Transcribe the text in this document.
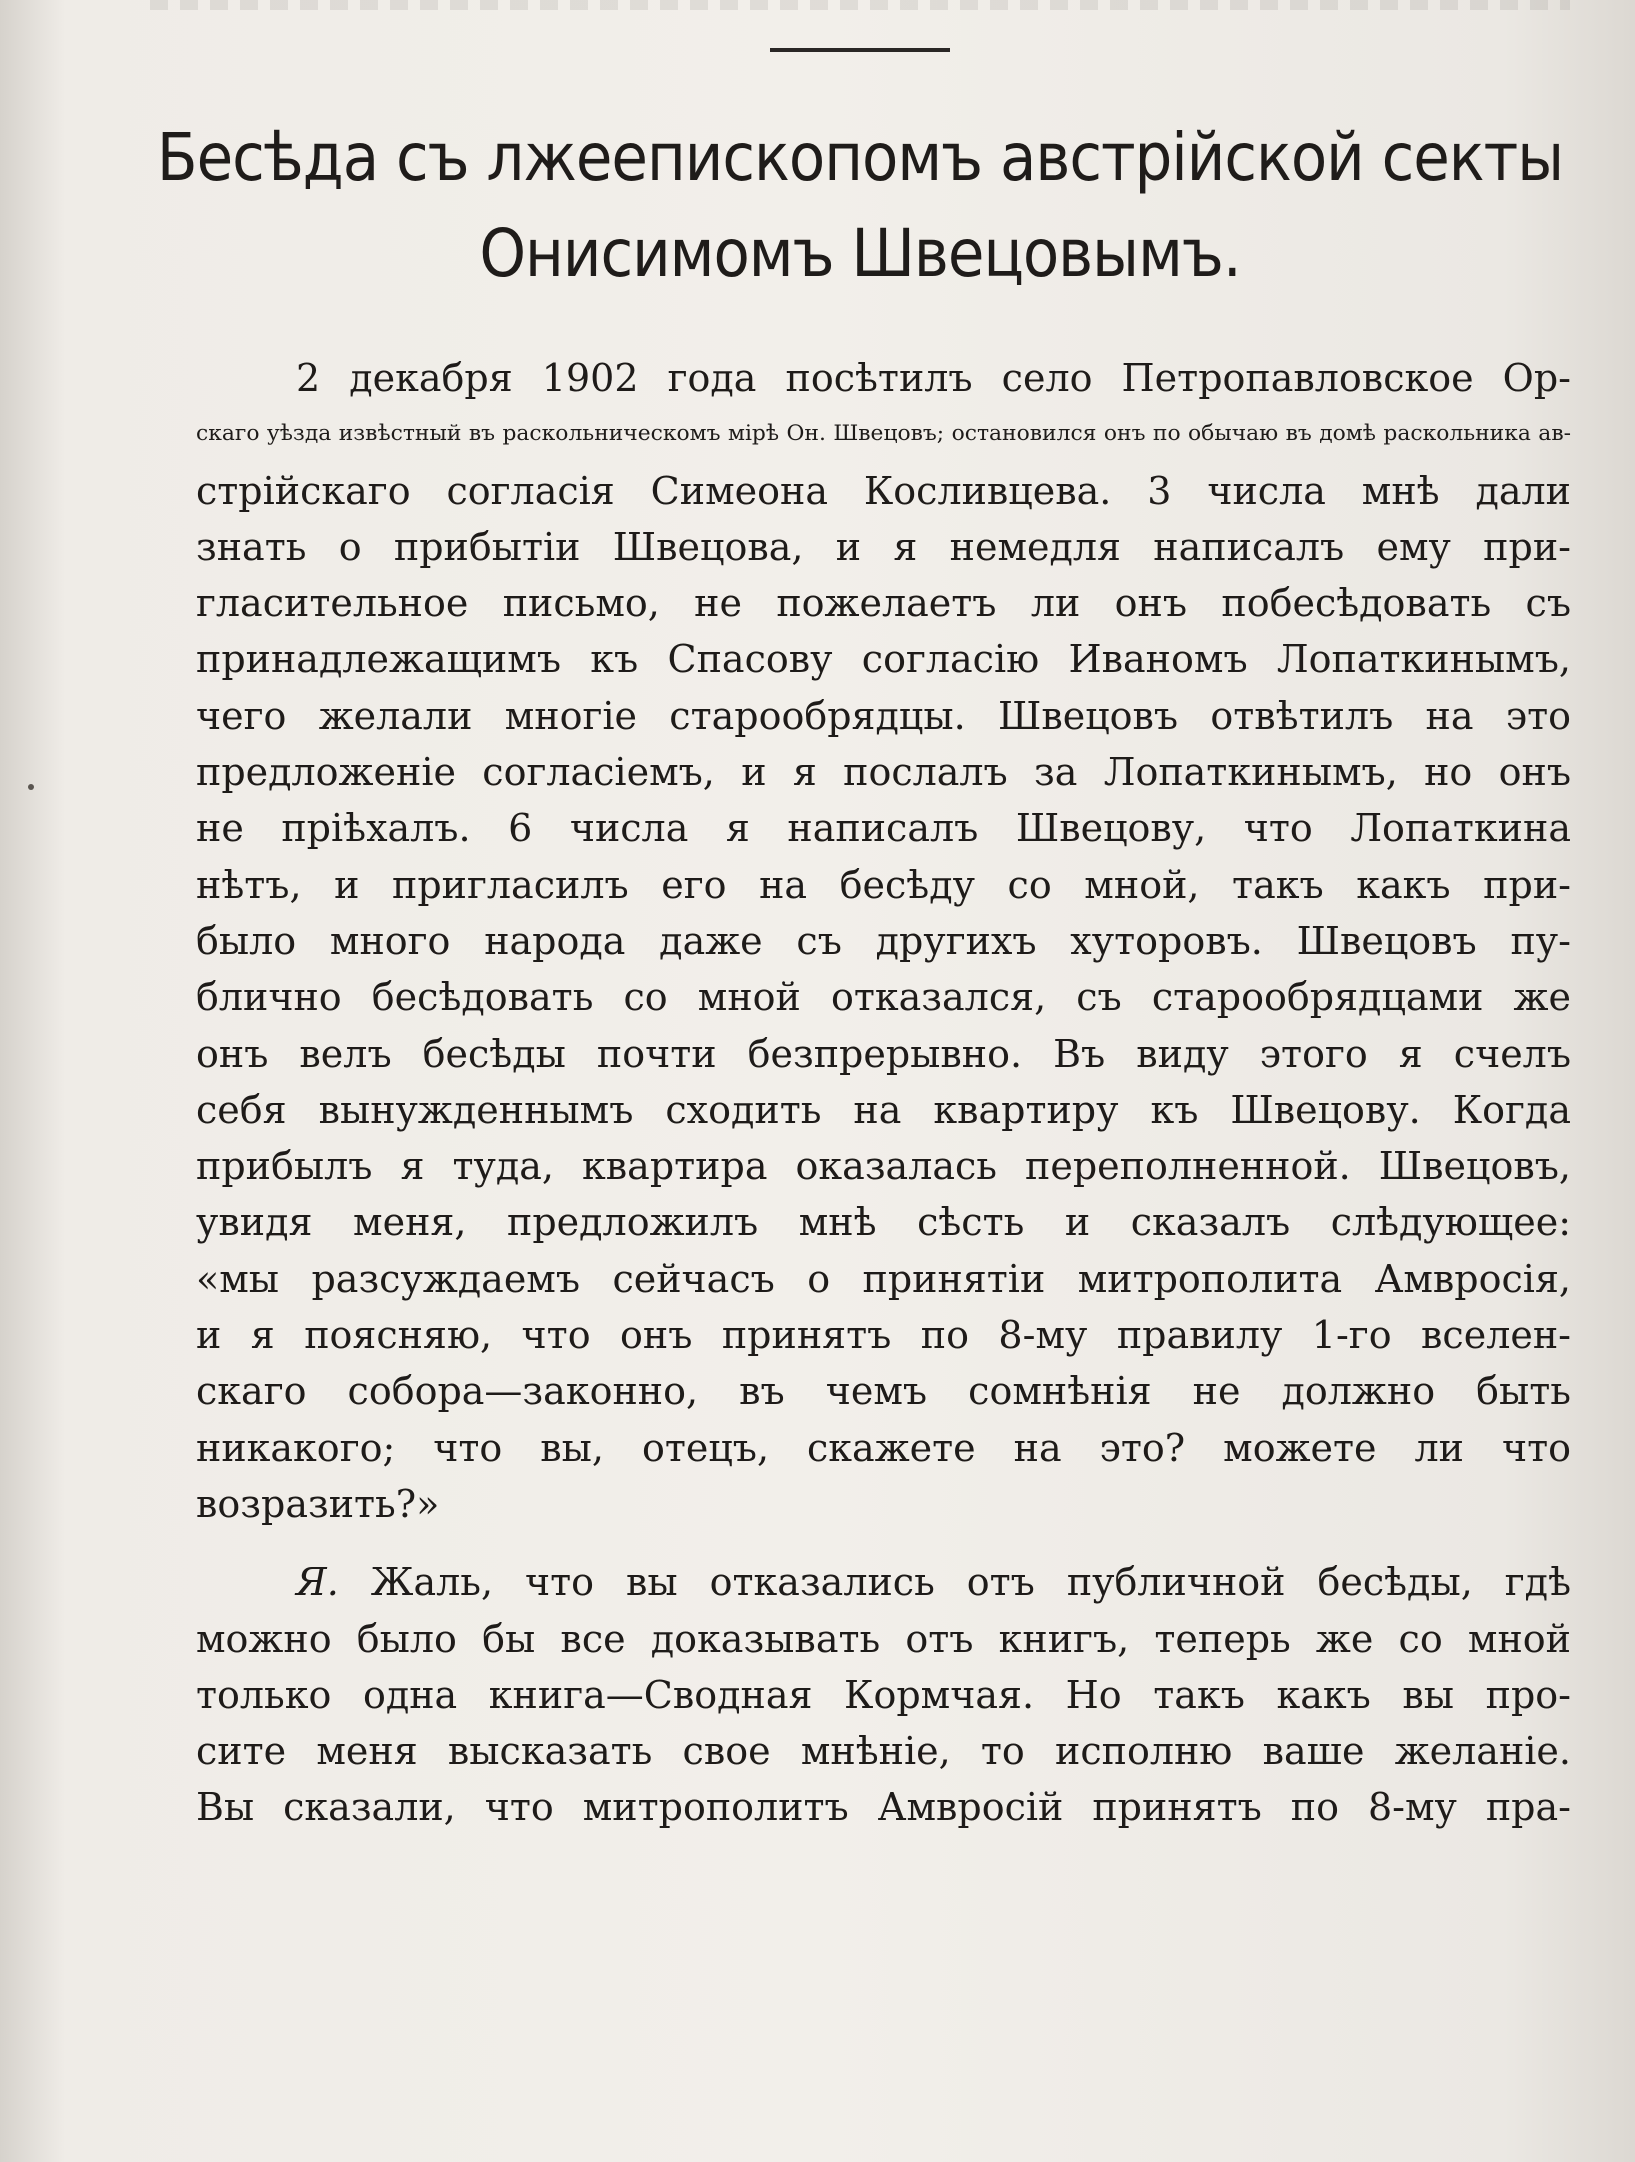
Бесѣда съ лжеепископомъ австрійской секты
Онисимомъ Швецовымъ.
2 декабря 1902 года посѣтилъ село Петропавловское Ор-
скаго уѣзда извѣстный въ раскольническомъ мірѣ Он. Швецовъ; остановился онъ по обычаю въ домѣ раскольника ав-
стрійскаго согласія Симеона Косливцева. 3 числа мнѣ дали
знать о прибытіи Швецова, и я немедля написалъ ему при-
гласительное письмо, не пожелаетъ ли онъ побесѣдовать съ
принадлежащимъ къ Спасову согласію Иваномъ Лопаткинымъ,
чего желали многіе старообрядцы. Швецовъ отвѣтилъ на это
предложеніе согласіемъ, и я послалъ за Лопаткинымъ, но онъ
не пріѣхалъ. 6 числа я написалъ Швецову, что Лопаткина
нѣтъ, и пригласилъ его на бесѣду со мной, такъ какъ при-
было много народа даже съ другихъ хуторовъ. Швецовъ пу-
блично бесѣдовать со мной отказался, съ старообрядцами же
онъ велъ бесѣды почти безпрерывно. Въ виду этого я счелъ
себя вынужденнымъ сходить на квартиру къ Швецову. Когда
прибылъ я туда, квартира оказалась переполненной. Швецовъ,
увидя меня, предложилъ мнѣ сѣсть и сказалъ слѣдующее:
«мы разсуждаемъ сейчасъ о принятіи митрополита Амвросія,
и я поясняю, что онъ принятъ по 8-му правилу 1-го вселен-
скаго собора—законно, въ чемъ сомнѣнія не должно быть
никакого; что вы, отецъ, скажете на это? можете ли что
возразить?»
Я. Жаль, что вы отказались отъ публичной бесѣды, гдѣ
можно было бы все доказывать отъ книгъ, теперь же со мной
только одна книга—Сводная Кормчая. Но такъ какъ вы про-
сите меня высказать свое мнѣніе, то исполню ваше желаніе.
Вы сказали, что митрополитъ Амвросій принятъ по 8-му пра-
